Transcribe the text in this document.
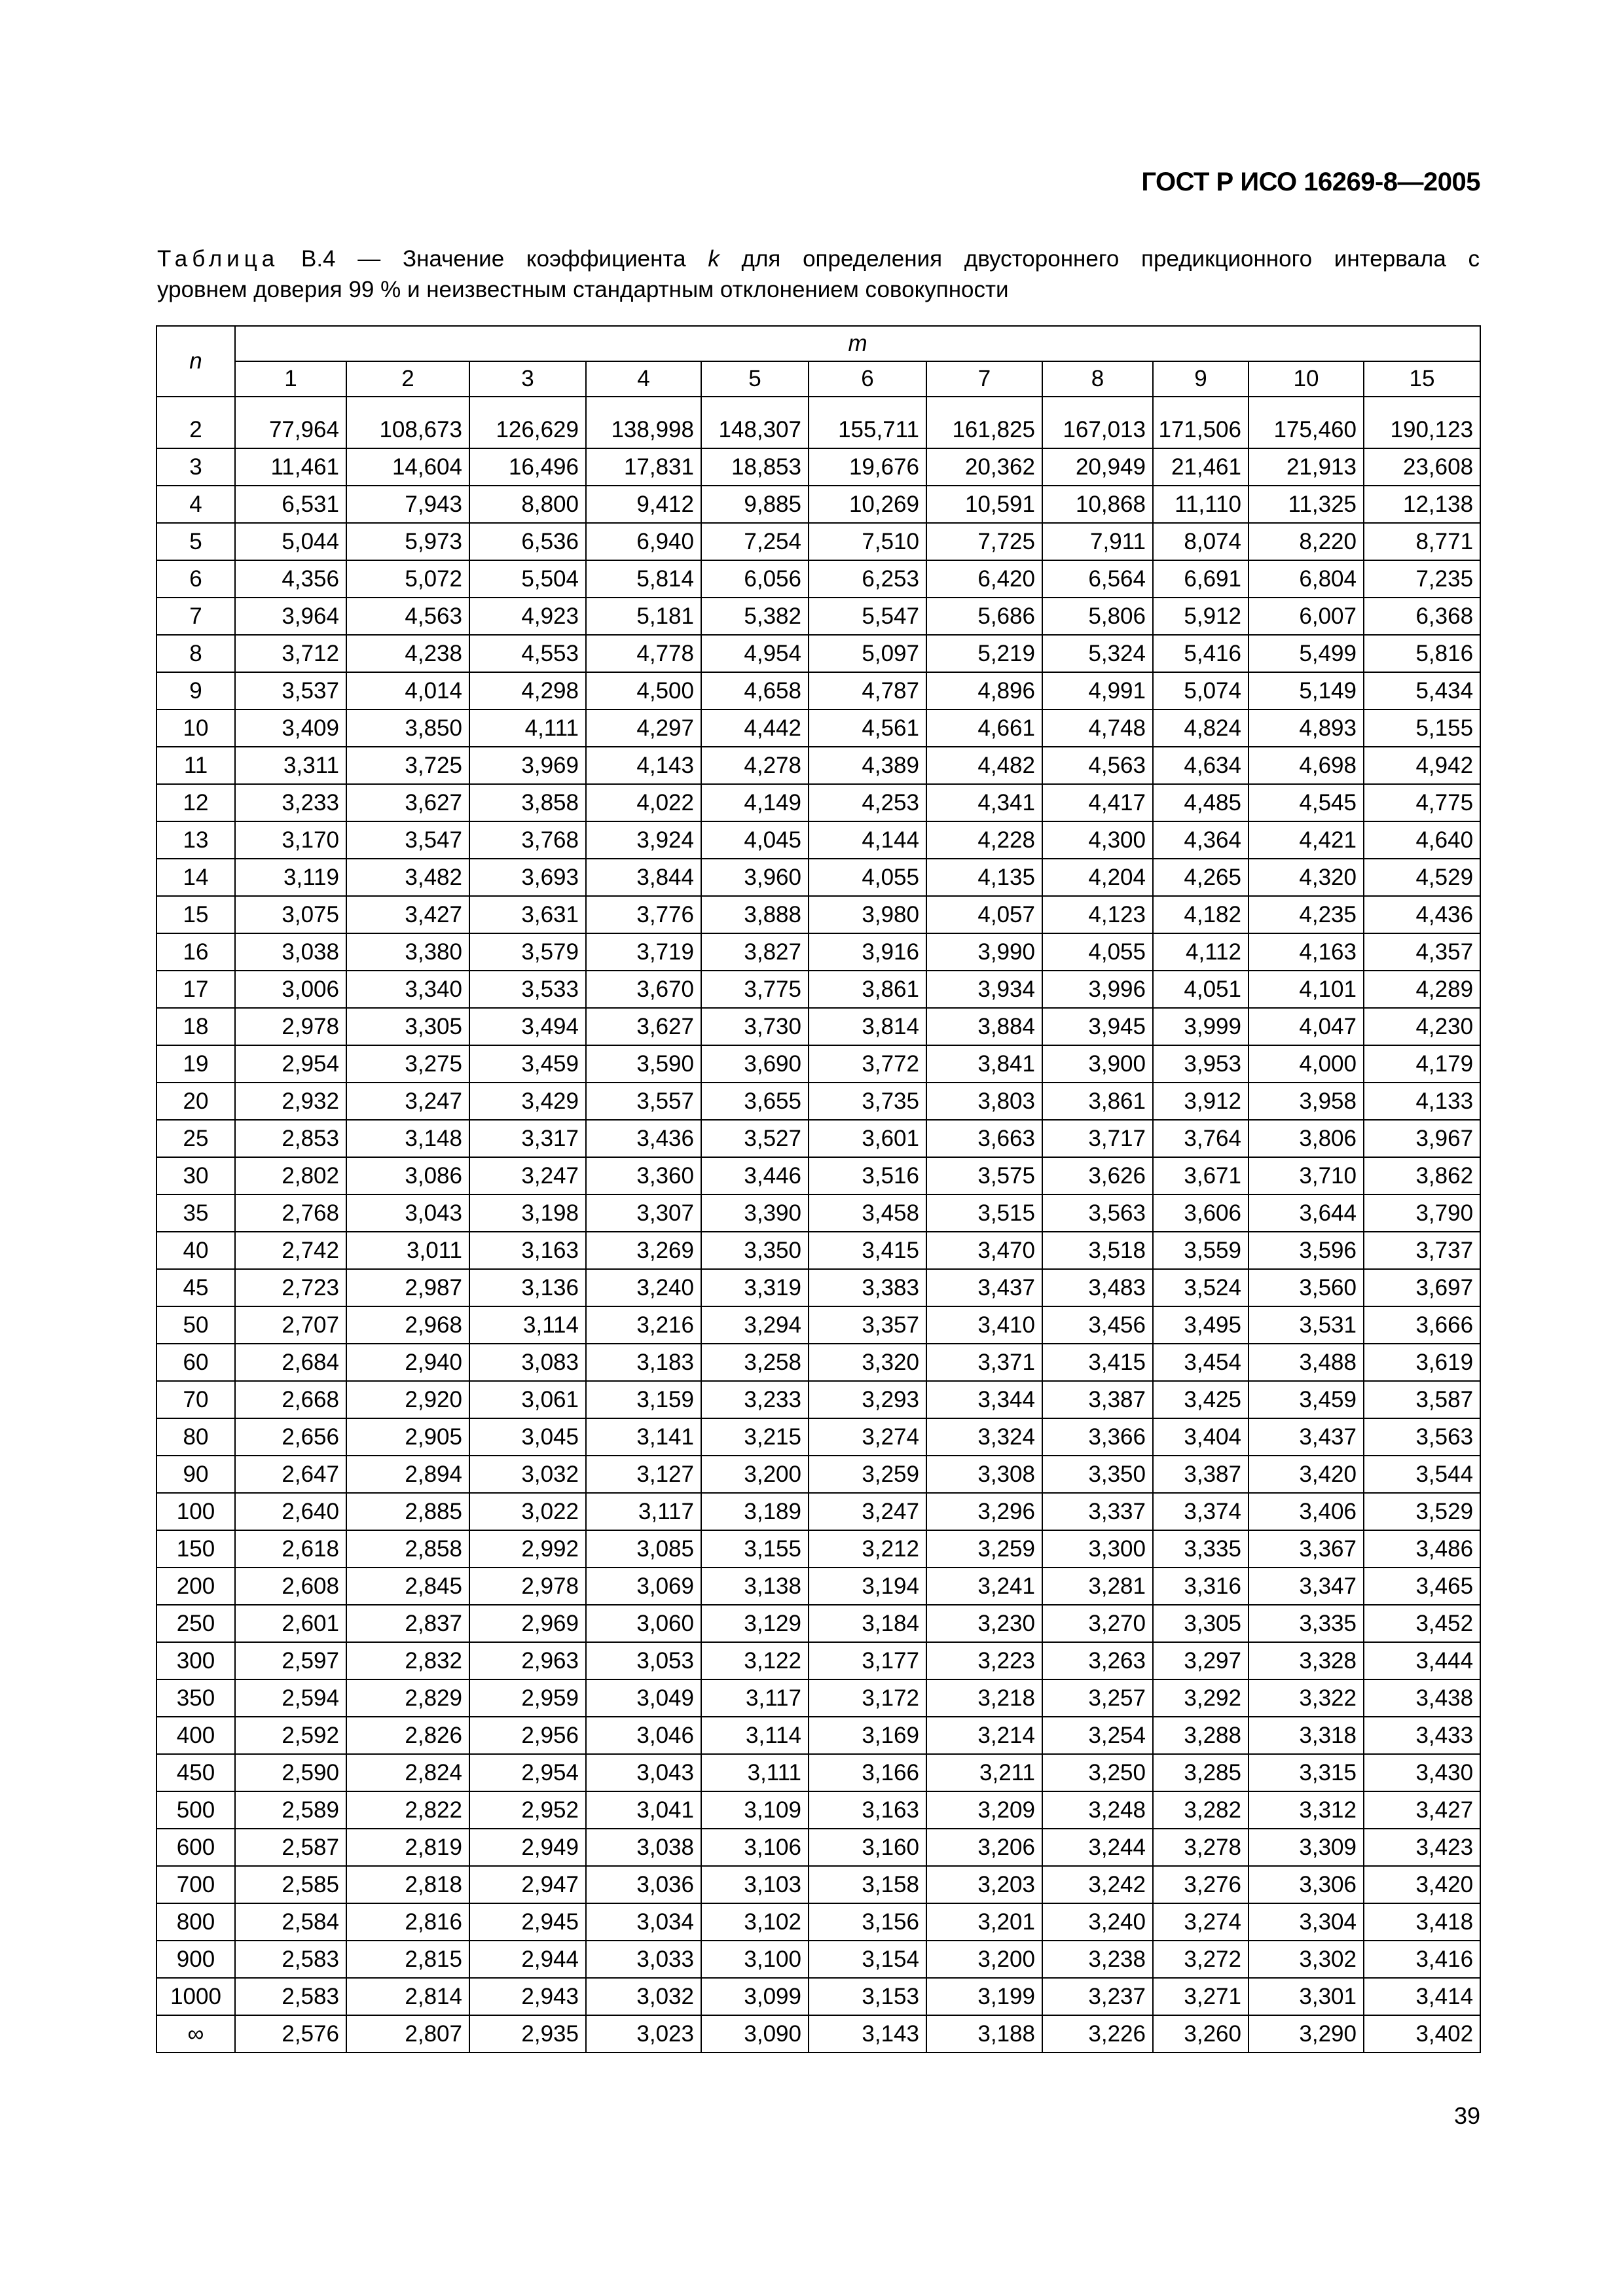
ГОСТ Р ИСО 16269-8—2005
Таблица B.4 — Значение коэффициента k для определения двустороннего предикционного интервала с
уровнем доверия 99 % и неизвестным стандартным отклонением совокупности
n	m										
	1	2	3	4	5	6	7	8	9	10	15

2	77,964	108,673	126,629	138,998	148,307	155,711	161,825	167,013	171,506	175,460	190,123
3	11,461	14,604	16,496	17,831	18,853	19,676	20,362	20,949	21,461	21,913	23,608
4	6,531	7,943	8,800	9,412	9,885	10,269	10,591	10,868	11,110	11,325	12,138
5	5,044	5,973	6,536	6,940	7,254	7,510	7,725	7,911	8,074	8,220	8,771
6	4,356	5,072	5,504	5,814	6,056	6,253	6,420	6,564	6,691	6,804	7,235
7	3,964	4,563	4,923	5,181	5,382	5,547	5,686	5,806	5,912	6,007	6,368
8	3,712	4,238	4,553	4,778	4,954	5,097	5,219	5,324	5,416	5,499	5,816
9	3,537	4,014	4,298	4,500	4,658	4,787	4,896	4,991	5,074	5,149	5,434
10	3,409	3,850	4,111	4,297	4,442	4,561	4,661	4,748	4,824	4,893	5,155
11	3,311	3,725	3,969	4,143	4,278	4,389	4,482	4,563	4,634	4,698	4,942
12	3,233	3,627	3,858	4,022	4,149	4,253	4,341	4,417	4,485	4,545	4,775
13	3,170	3,547	3,768	3,924	4,045	4,144	4,228	4,300	4,364	4,421	4,640
14	3,119	3,482	3,693	3,844	3,960	4,055	4,135	4,204	4,265	4,320	4,529
15	3,075	3,427	3,631	3,776	3,888	3,980	4,057	4,123	4,182	4,235	4,436
16	3,038	3,380	3,579	3,719	3,827	3,916	3,990	4,055	4,112	4,163	4,357
17	3,006	3,340	3,533	3,670	3,775	3,861	3,934	3,996	4,051	4,101	4,289
18	2,978	3,305	3,494	3,627	3,730	3,814	3,884	3,945	3,999	4,047	4,230
19	2,954	3,275	3,459	3,590	3,690	3,772	3,841	3,900	3,953	4,000	4,179
20	2,932	3,247	3,429	3,557	3,655	3,735	3,803	3,861	3,912	3,958	4,133
25	2,853	3,148	3,317	3,436	3,527	3,601	3,663	3,717	3,764	3,806	3,967
30	2,802	3,086	3,247	3,360	3,446	3,516	3,575	3,626	3,671	3,710	3,862
35	2,768	3,043	3,198	3,307	3,390	3,458	3,515	3,563	3,606	3,644	3,790
40	2,742	3,011	3,163	3,269	3,350	3,415	3,470	3,518	3,559	3,596	3,737
45	2,723	2,987	3,136	3,240	3,319	3,383	3,437	3,483	3,524	3,560	3,697
50	2,707	2,968	3,114	3,216	3,294	3,357	3,410	3,456	3,495	3,531	3,666
60	2,684	2,940	3,083	3,183	3,258	3,320	3,371	3,415	3,454	3,488	3,619
70	2,668	2,920	3,061	3,159	3,233	3,293	3,344	3,387	3,425	3,459	3,587
80	2,656	2,905	3,045	3,141	3,215	3,274	3,324	3,366	3,404	3,437	3,563
90	2,647	2,894	3,032	3,127	3,200	3,259	3,308	3,350	3,387	3,420	3,544
100	2,640	2,885	3,022	3,117	3,189	3,247	3,296	3,337	3,374	3,406	3,529
150	2,618	2,858	2,992	3,085	3,155	3,212	3,259	3,300	3,335	3,367	3,486
200	2,608	2,845	2,978	3,069	3,138	3,194	3,241	3,281	3,316	3,347	3,465
250	2,601	2,837	2,969	3,060	3,129	3,184	3,230	3,270	3,305	3,335	3,452
300	2,597	2,832	2,963	3,053	3,122	3,177	3,223	3,263	3,297	3,328	3,444
350	2,594	2,829	2,959	3,049	3,117	3,172	3,218	3,257	3,292	3,322	3,438
400	2,592	2,826	2,956	3,046	3,114	3,169	3,214	3,254	3,288	3,318	3,433
450	2,590	2,824	2,954	3,043	3,111	3,166	3,211	3,250	3,285	3,315	3,430
500	2,589	2,822	2,952	3,041	3,109	3,163	3,209	3,248	3,282	3,312	3,427
600	2,587	2,819	2,949	3,038	3,106	3,160	3,206	3,244	3,278	3,309	3,423
700	2,585	2,818	2,947	3,036	3,103	3,158	3,203	3,242	3,276	3,306	3,420
800	2,584	2,816	2,945	3,034	3,102	3,156	3,201	3,240	3,274	3,304	3,418
900	2,583	2,815	2,944	3,033	3,100	3,154	3,200	3,238	3,272	3,302	3,416
1000	2,583	2,814	2,943	3,032	3,099	3,153	3,199	3,237	3,271	3,301	3,414
∞	2,576	2,807	2,935	3,023	3,090	3,143	3,188	3,226	3,260	3,290	3,402
39
